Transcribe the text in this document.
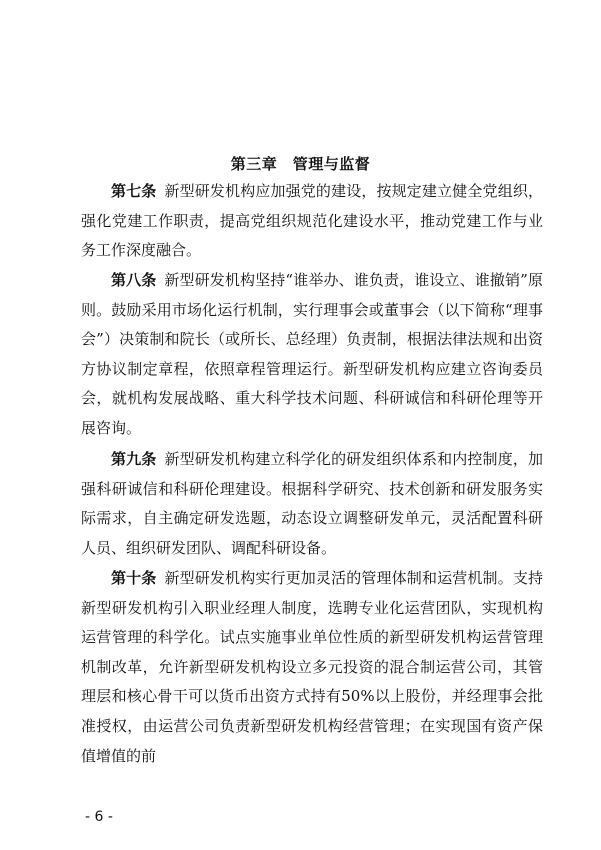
第三章　管理与监督

第七条 新型研发机构应加强党的建设，按规定建立健全党组织，强化党建工作职责，提高党组织规范化建设水平，推动党建工作与业务工作深度融合。

第八条 新型研发机构坚持“谁举办、谁负责，谁设立、谁撤销”原则。鼓励采用市场化运行机制，实行理事会或董事会（以下简称“理事会”）决策制和院长（或所长、总经理）负责制，根据法律法规和出资方协议制定章程，依照章程管理运行。新型研发机构应建立咨询委员会，就机构发展战略、重大科学技术问题、科研诚信和科研伦理等开展咨询。

第九条 新型研发机构建立科学化的研发组织体系和内控制度，加强科研诚信和科研伦理建设。根据科学研究、技术创新和研发服务实际需求，自主确定研发选题，动态设立调整研发单元，灵活配置科研人员、组织研发团队、调配科研设备。

第十条 新型研发机构实行更加灵活的管理体制和运营机制。支持新型研发机构引入职业经理人制度，选聘专业化运营团队，实现机构运营管理的科学化。试点实施事业单位性质的新型研发机构运营管理机制改革，允许新型研发机构设立多元投资的混合制运营公司，其管理层和核心骨干可以货币出资方式持有50%以上股份，并经理事会批准授权，由运营公司负责新型研发机构经营管理；在实现国有资产保值增值的前

- 6 -
